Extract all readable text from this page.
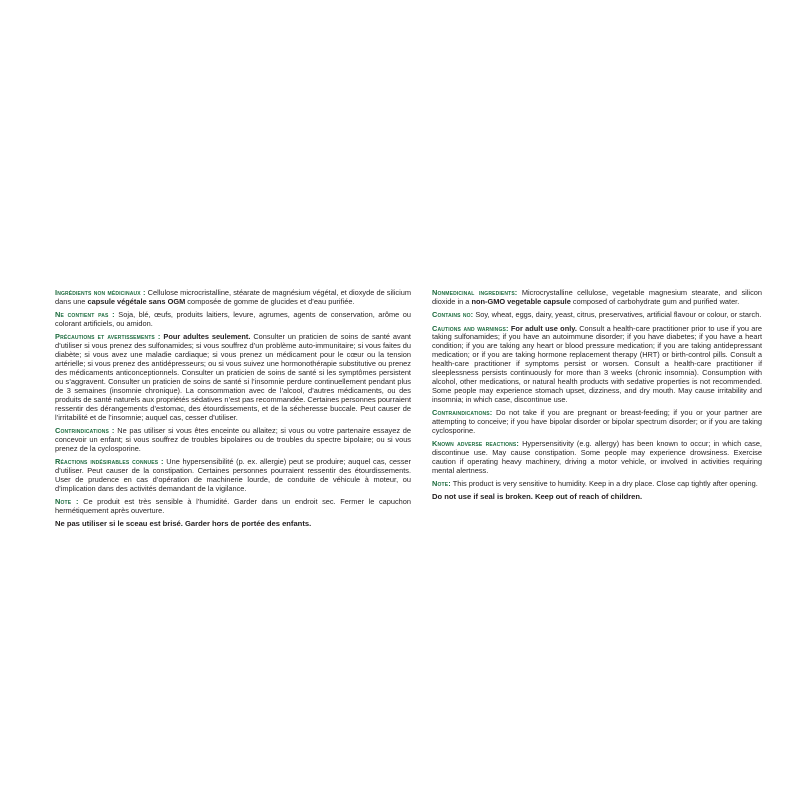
Ingrédients non médicinaux : Cellulose microcristalline, stéarate de magnésium végétal, et dioxyde de silicium dans une capsule végétale sans OGM composée de gomme de glucides et d’eau purifiée.

Ne contient pas : Soja, blé, œufs, produits laitiers, levure, agrumes, agents de conservation, arôme ou colorant artificiels, ou amidon.

Précautions et avertissements : Pour adultes seulement. Consulter un praticien de soins de santé avant d’utiliser si vous prenez des sulfonamides; si vous souffrez d’un problème auto-immunitaire; si vous faites du diabète; si vous avez une maladie cardiaque; si vous prenez un médicament pour le cœur ou la tension artérielle; si vous prenez des antidépresseurs; ou si vous suivez une hormonothérapie substitutive ou prenez des médicaments anticonceptionnels. Consulter un praticien de soins de santé si les symptômes persistent ou s’aggravent. Consulter un praticien de soins de santé si l’insomnie perdure continuellement pendant plus de 3 semaines (insomnie chronique). La consommation avec de l’alcool, d’autres médicaments, ou des produits de santé naturels aux propriétés sédatives n’est pas recommandée. Certaines personnes pourraient ressentir des dérangements d’estomac, des étourdissements, et de la sécheresse buccale. Peut causer de l’irritabilité et de l’insomnie; auquel cas, cesser d’utiliser.

Contrindications : Ne pas utiliser si vous êtes enceinte ou allaitez; si vous ou votre partenaire essayez de concevoir un enfant; si vous souffrez de troubles bipolaires ou de troubles du spectre bipolaire; ou si vous prenez de la cyclosporine.

Réactions indésirables connues : Une hypersensibilité (p. ex. allergie) peut se produire; auquel cas, cesser d’utiliser. Peut causer de la constipation. Certaines personnes pourraient ressentir des étourdissements. User de prudence en cas d’opération de machinerie lourde, de conduite de véhicule à moteur, ou d’implication dans des activités demandant de la vigilance.

Note : Ce produit est très sensible à l’humidité. Garder dans un endroit sec. Fermer le capuchon hermétiquement après ouverture.

Ne pas utiliser si le sceau est brisé. Garder hors de portée des enfants.

Nonmedicinal ingredients: Microcrystalline cellulose, vegetable magnesium stearate, and silicon dioxide in a non-GMO vegetable capsule composed of carbohydrate gum and purified water.

Contains no: Soy, wheat, eggs, dairy, yeast, citrus, preservatives, artificial flavour or colour, or starch.

Cautions and warnings: For adult use only. Consult a health-care practitioner prior to use if you are taking sulfonamides; if you have an autoimmune disorder; if you have diabetes; if you have a heart condition; if you are taking any heart or blood pressure medication; if you are taking antidepressant medication; or if you are taking hormone replacement therapy (HRT) or birth-control pills. Consult a health-care practitioner if symptoms persist or worsen. Consult a health-care practitioner if sleeplessness persists continuously for more than 3 weeks (chronic insomnia). Consumption with alcohol, other medications, or natural health products with sedative properties is not recommended. Some people may experience stomach upset, dizziness, and dry mouth. May cause irritability and insomnia; in which case, discontinue use.

Contraindications: Do not take if you are pregnant or breast-feeding; if you or your partner are attempting to conceive; if you have bipolar disorder or bipolar spectrum disorder; or if you are taking cyclosporine.

Known adverse reactions: Hypersensitivity (e.g. allergy) has been known to occur; in which case, discontinue use. May cause constipation. Some people may experience drowsiness. Exercise caution if operating heavy machinery, driving a motor vehicle, or involved in activities requiring mental alertness.

Note: This product is very sensitive to humidity. Keep in a dry place. Close cap tightly after opening.

Do not use if seal is broken. Keep out of reach of children.
